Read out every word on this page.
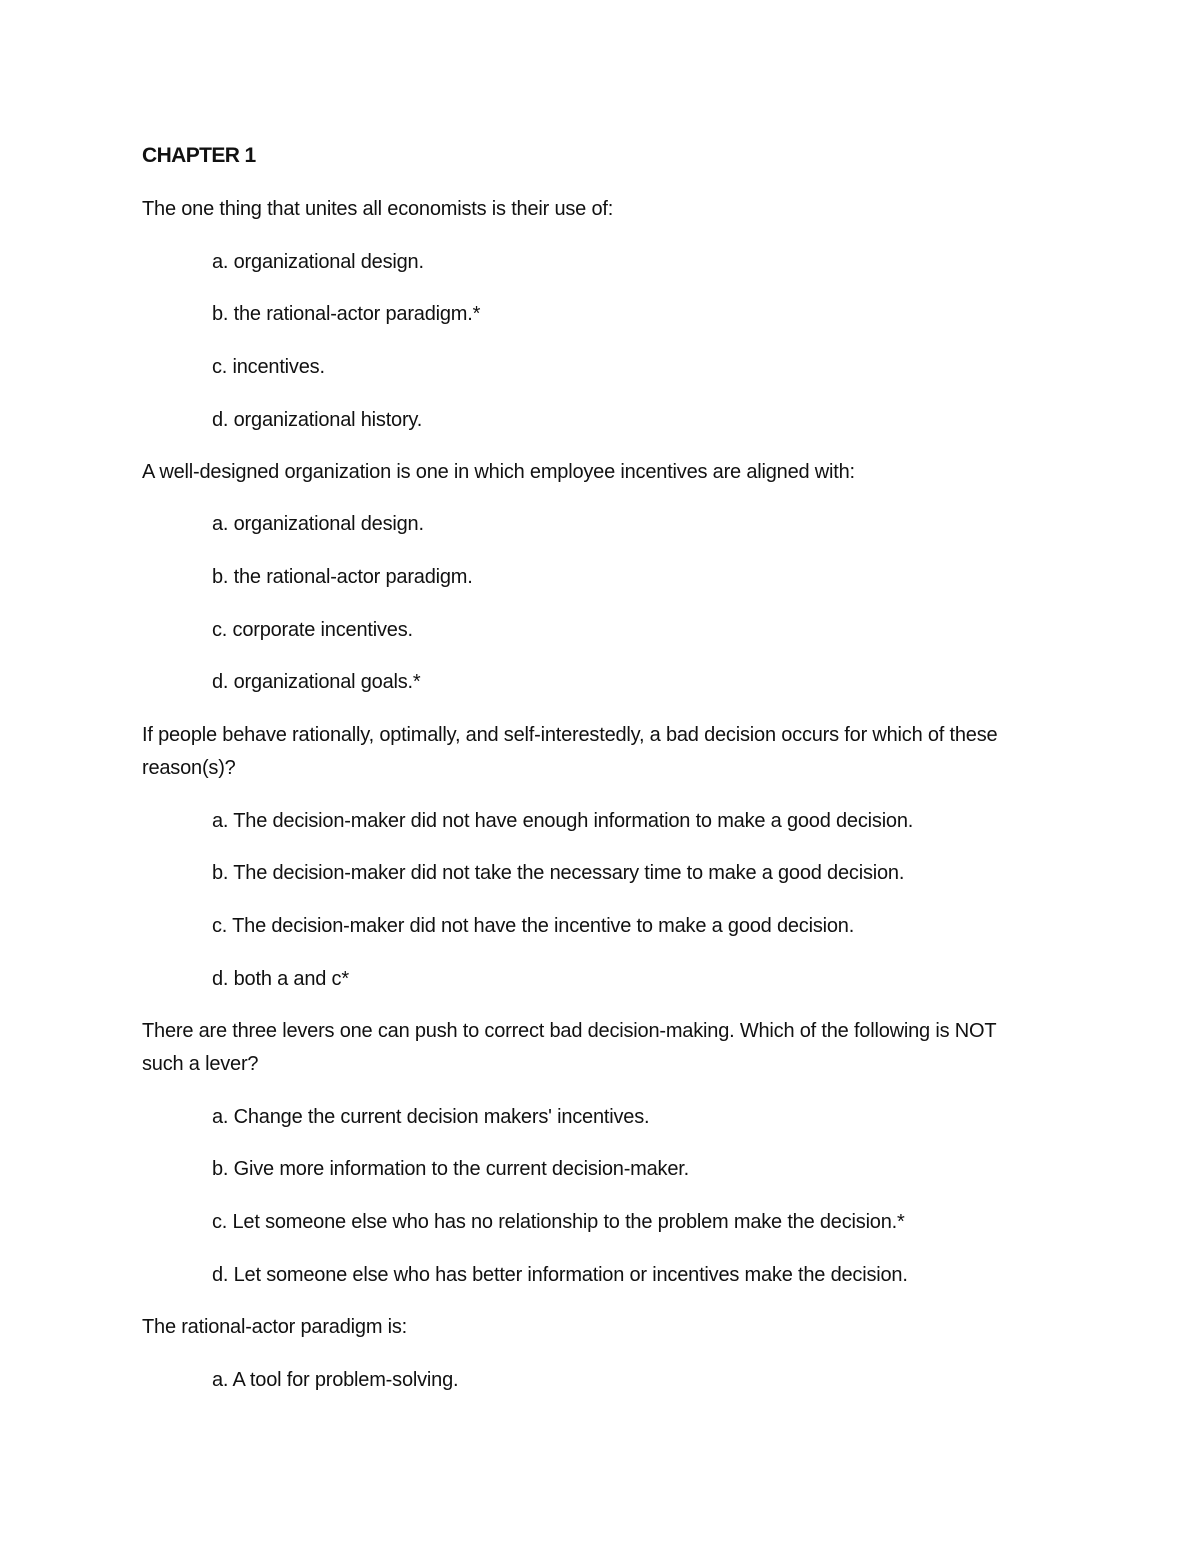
CHAPTER 1

The one thing that unites all economists is their use of:

a. organizational design.

b. the rational-actor paradigm.*

c. incentives.

d. organizational history.

A well-designed organization is one in which employee incentives are aligned with:

a. organizational design.

b. the rational-actor paradigm.

c. corporate incentives.

d. organizational goals.*

If people behave rationally, optimally, and self-interestedly, a bad decision occurs for which of these reason(s)?

a. The decision-maker did not have enough information to make a good decision.

b. The decision-maker did not take the necessary time to make a good decision.

c. The decision-maker did not have the incentive to make a good decision.

d. both a and c*

There are three levers one can push to correct bad decision-making. Which of the following is NOT such a lever?

a. Change the current decision makers' incentives.

b. Give more information to the current decision-maker.

c. Let someone else who has no relationship to the problem make the decision.*

d. Let someone else who has better information or incentives make the decision.

The rational-actor paradigm is:

a. A tool for problem-solving.
